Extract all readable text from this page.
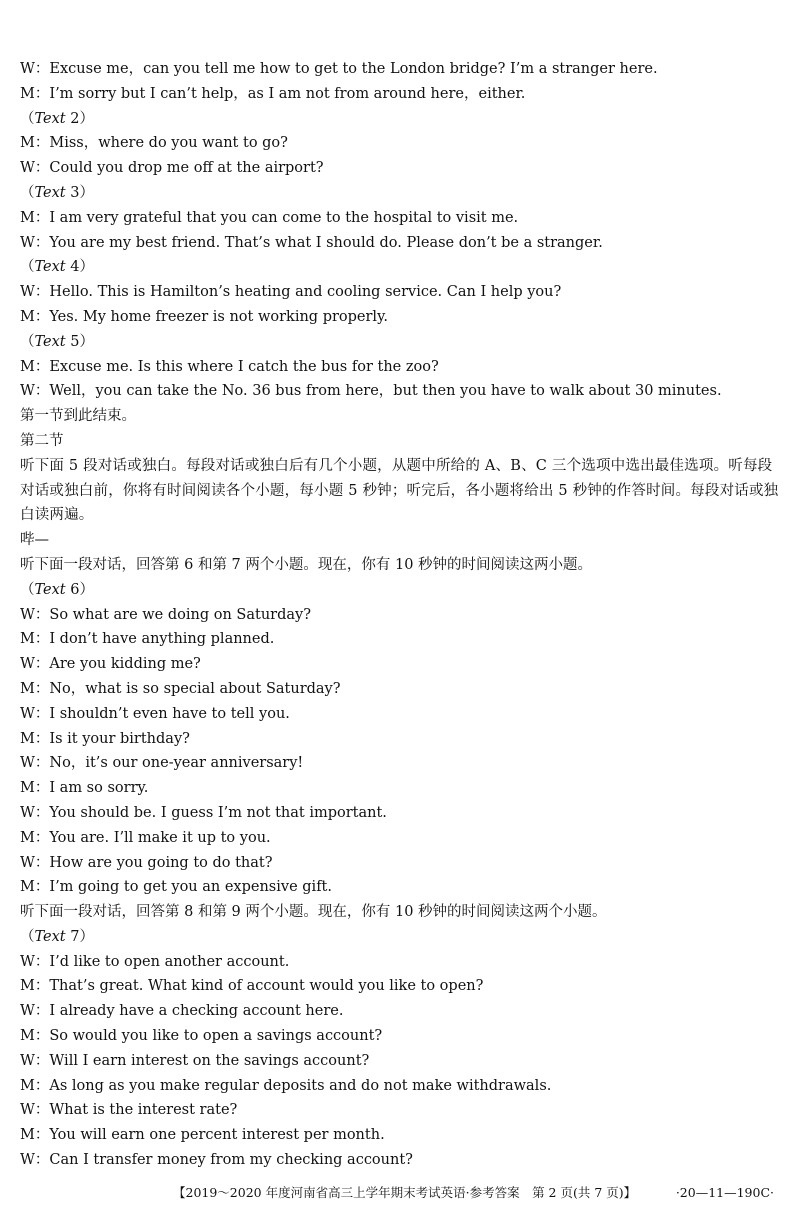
W：Excuse me，can you tell me how to get to the London bridge? I’m a stranger here.
M：I’m sorry but I can’t help，as I am not from around here，either.
（Text 2）
M：Miss，where do you want to go?
W：Could you drop me off at the airport?
（Text 3）
M：I am very grateful that you can come to the hospital to visit me.
W：You are my best friend. That’s what I should do. Please don’t be a stranger.
（Text 4）
W：Hello. This is Hamilton’s heating and cooling service. Can I help you?
M：Yes. My home freezer is not working properly.
（Text 5）
M：Excuse me. Is this where I catch the bus for the zoo?
W：Well，you can take the No. 36 bus from here，but then you have to walk about 30 minutes.
第一节到此结束。
第二节
听下面 5 段对话或独白。每段对话或独白后有几个小题，从题中所给的 A、B、C 三个选项中选出最佳选项。听每段对话或独白前，你将有时间阅读各个小题，每小题 5 秒钟；听完后，各小题将给出 5 秒钟的作答时间。每段对话或独白读两遍。
哔—
听下面一段对话，回答第 6 和第 7 两个小题。现在，你有 10 秒钟的时间阅读这两小题。
（Text 6）
W：So what are we doing on Saturday?
M：I don’t have anything planned.
W：Are you kidding me?
M：No，what is so special about Saturday?
W：I shouldn’t even have to tell you.
M：Is it your birthday?
W：No，it’s our one-year anniversary!
M：I am so sorry.
W：You should be. I guess I’m not that important.
M：You are. I’ll make it up to you.
W：How are you going to do that?
M：I’m going to get you an expensive gift.
听下面一段对话，回答第 8 和第 9 两个小题。现在，你有 10 秒钟的时间阅读这两个小题。
（Text 7）
W：I’d like to open another account.
M：That’s great. What kind of account would you like to open?
W：I already have a checking account here.
M：So would you like to open a savings account?
W：Will I earn interest on the savings account?
M：As long as you make regular deposits and do not make withdrawals.
W：What is the interest rate?
M：You will earn one percent interest per month.
W：Can I transfer money from my checking account?
【2019～2020 年度河南省高三上学年期末考试英语·参考答案　第 2 页(共 7 页)】	·20—11—190C·
